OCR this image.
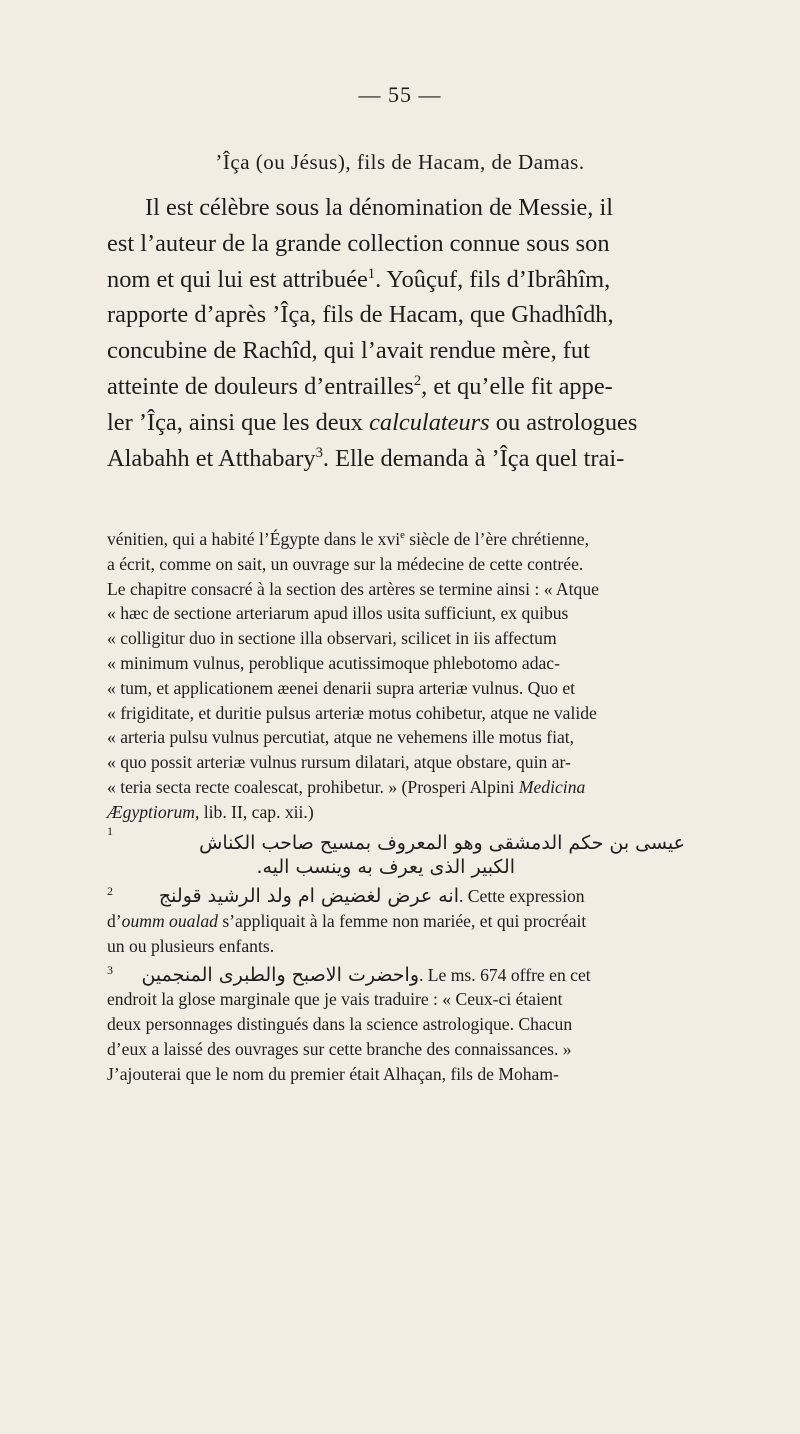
— 55 —
’Îça (ou Jésus), fils de Hacam, de Damas.
Il est célèbre sous la dénomination de Messie, il
est l’auteur de la grande collection connue sous son
nom et qui lui est attribuée$^1$. Yoûçuf, fils d’Ibrâhîm,
rapporte d’après ’Îça, fils de Hacam, que Ghadhîdh,
concubine de Rachîd, qui l’avait rendue mère, fut
atteinte de douleurs d’entrailles$^2$, et qu’elle fit appe-
ler ’Îça, ainsi que les deux calculateurs ou astrologues
Alabahh et Atthabary$^3$. Elle demanda à ’Îça quel trai-
vénitien, qui a habité l’Égypte dans le xvi$^e$ siècle de l’ère chrétienne,
a écrit, comme on sait, un ouvrage sur la médecine de cette contrée.
Le chapitre consacré à la section des artères se termine ainsi : « Atque
« hæc de sectione arteriarum apud illos usita sufficiunt, ex quibus
« colligitur duo in sectione illa observari, scilicet in iis affectum
« minimum vulnus, peroblique acutissimoque phlebotomo adac-
« tum, et applicationem æenei denarii supra arteriæ vulnus. Quo et
« frigiditate, et duritie pulsus arteriæ motus cohibetur, atque ne valide
« arteria pulsu vulnus percutiat, atque ne vehemens ille motus fiat,
« quo possit arteriæ vulnus rursum dilatari, atque obstare, quin ar-
« teria secta recte coalescat, prohibetur. » (Prosperi Alpini Medicina
Ægyptiorum, lib. II, cap. xii.)
1
عيسى بن حكم الدمشقى وهو المعروف بمسيح صاحب الكناش
الكبير الذى يعرف به وينسب اليه.
$^2$ انه عرض لغضيض ام ولد الرشيد قولنج. Cette expression
d’oumm oualad s’appliquait à la femme non mariée, et qui procréait
un ou plusieurs enfants.
$^3$ واحضرت الاصبح والطبرى المنجمين. Le ms. 674 offre en cet
endroit la glose marginale que je vais traduire : « Ceux-ci étaient
deux personnages distingués dans la science astrologique. Chacun
d’eux a laissé des ouvrages sur cette branche des connaissances. »
J’ajouterai que le nom du premier était Alhaçan, fils de Moham-
